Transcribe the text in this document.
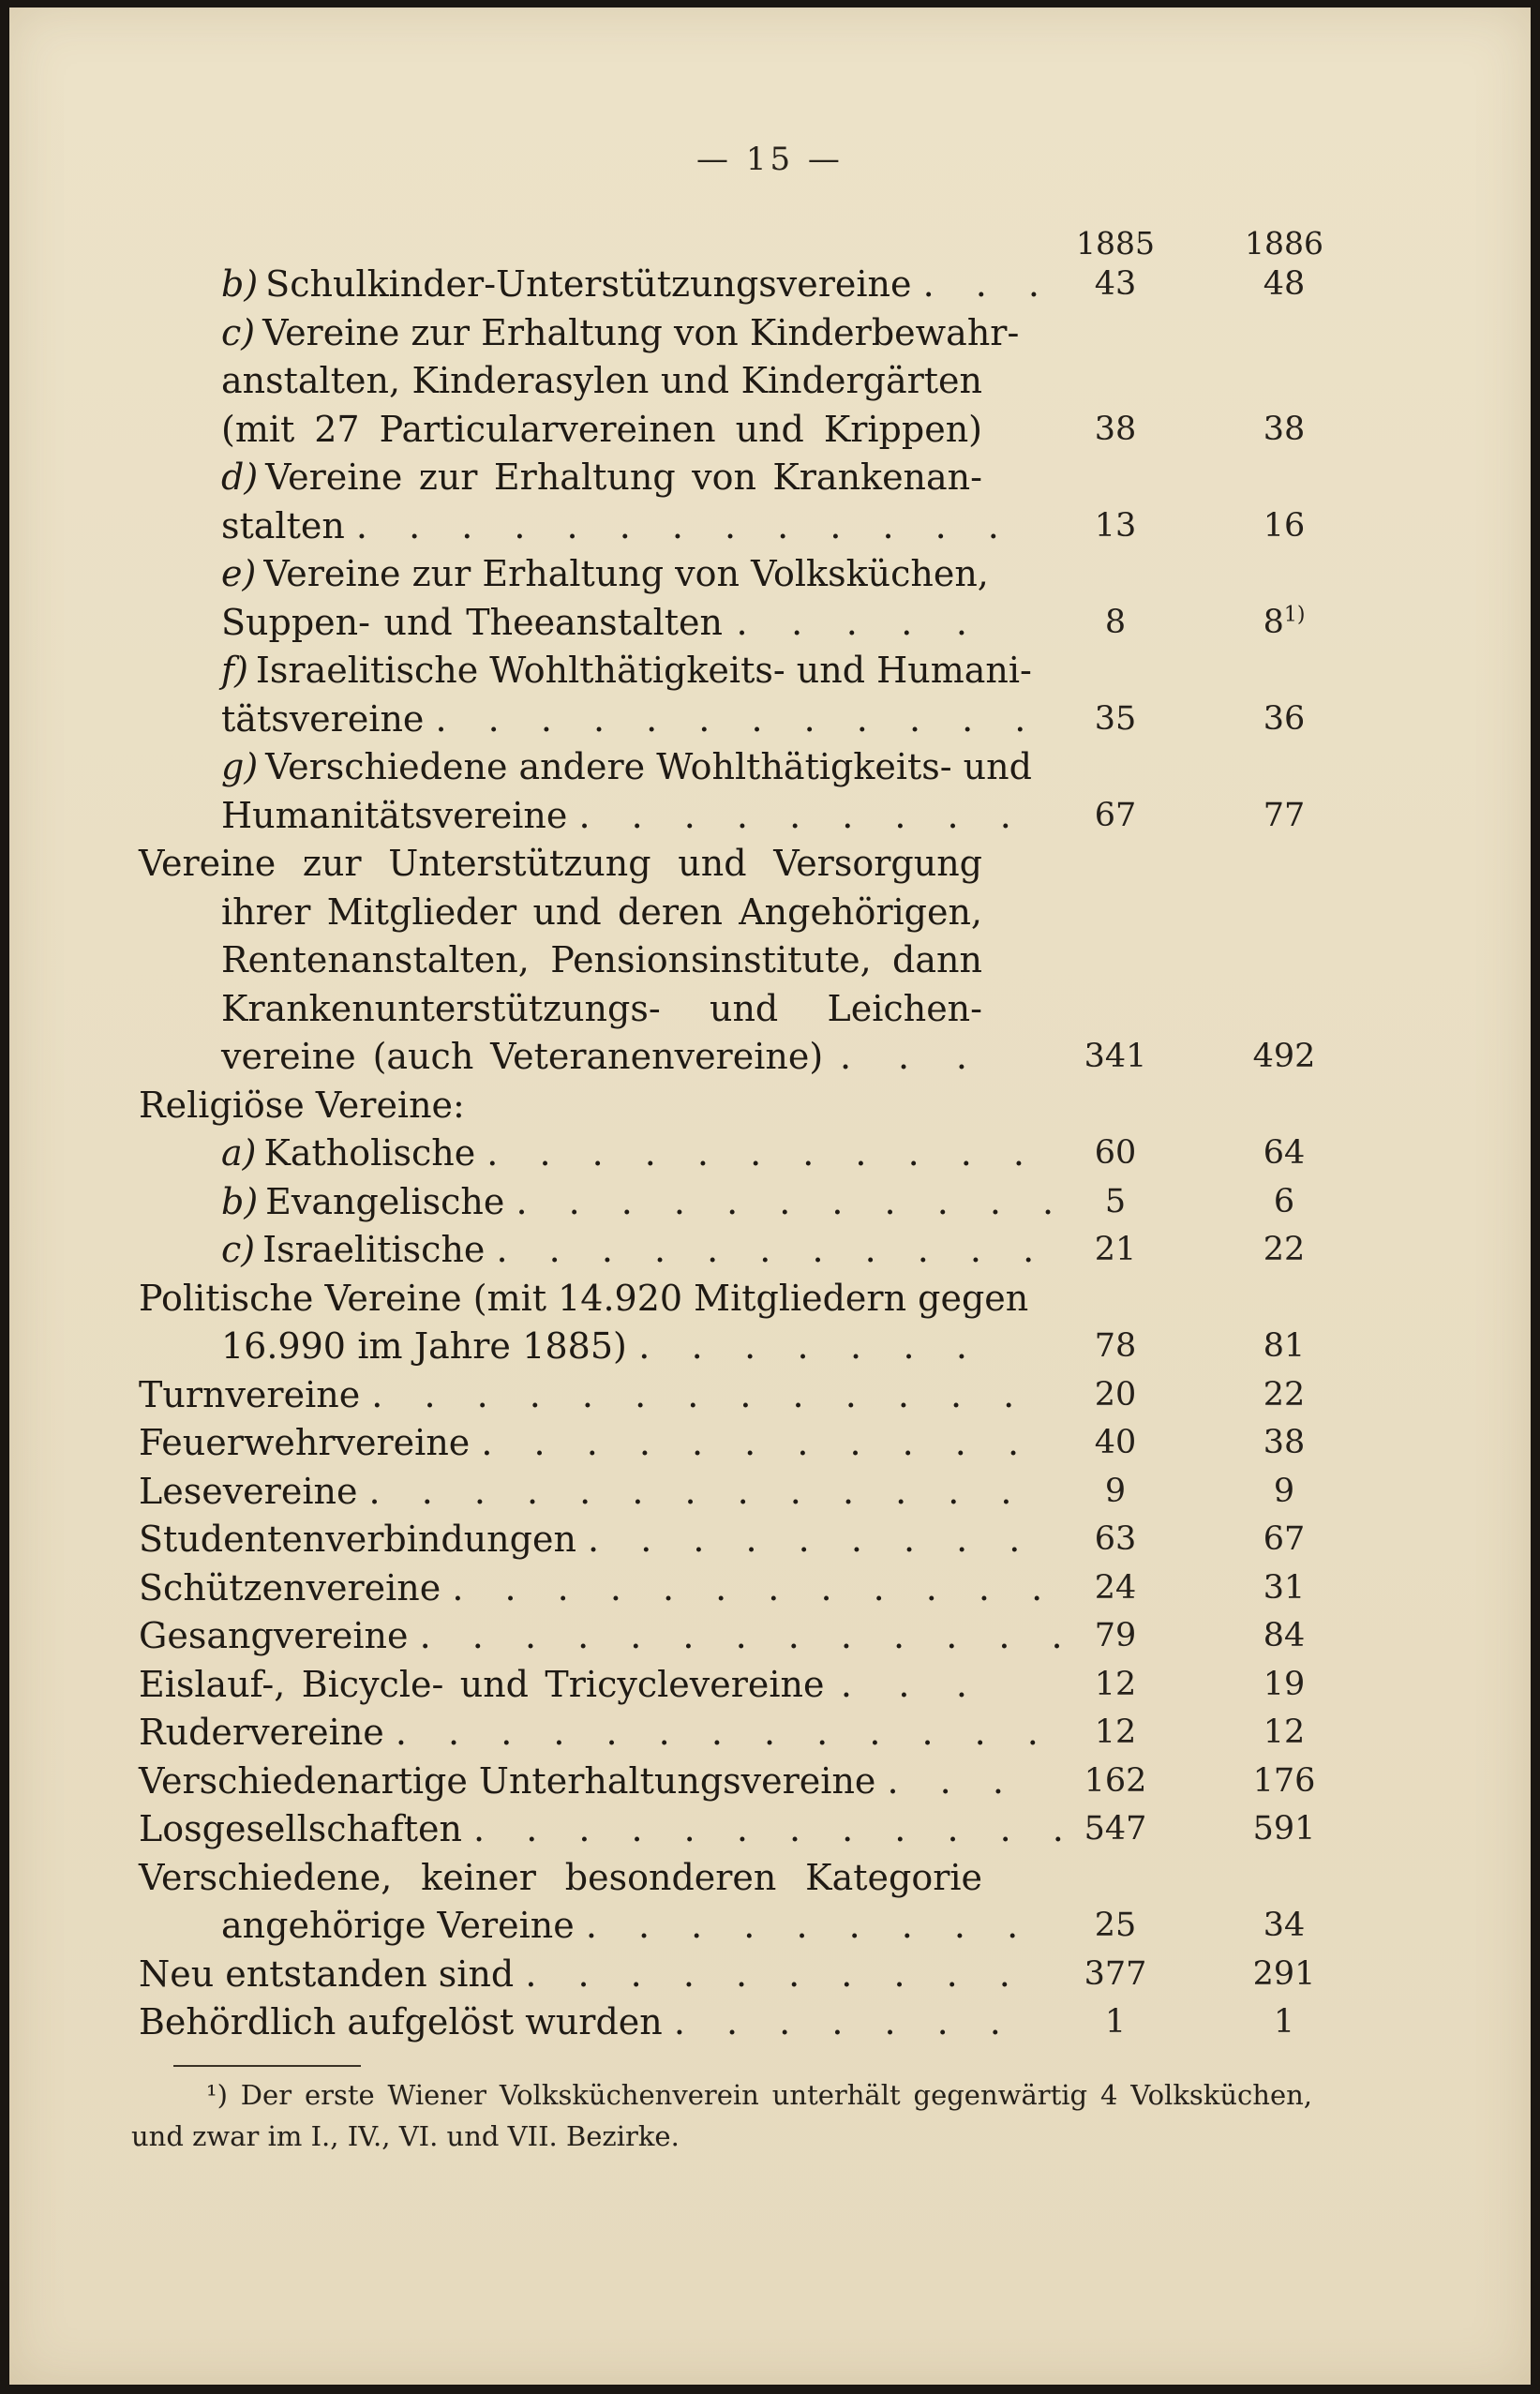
— 15 —
1885	1886
b) Schulkinder-Unterstützungsvereine . . .	43	48
c) Vereine zur Erhaltung von Kinderbewahr-
anstalten, Kinderasylen und Kindergärten
(mit 27 Particularvereinen und Krippen)	38	38
d) Vereine zur Erhaltung von Krankenan-
stalten . . . . . . . . . . . . .	13	16
e) Vereine zur Erhaltung von Volksküchen,
Suppen- und Theeanstalten . . . . .	8	8$^{1)}$
f) Israelitische Wohlthätigkeits- und Humani-
tätsvereine . . . . . . . . . . . .	35	36
g) Verschiedene andere Wohlthätigkeits- und
Humanitätsvereine . . . . . . . . .	67	77
Vereine zur Unterstützung und Versorgung
ihrer Mitglieder und deren Angehörigen,
Rentenanstalten, Pensionsinstitute, dann
Krankenunterstützungs- und Leichen-
vereine (auch Veteranenvereine) . . .	341	492
Religiöse Vereine:
a) Katholische . . . . . . . . . . .	60	64
b) Evangelische . . . . . . . . . . .	5	6
c) Israelitische . . . . . . . . . . .	21	22
Politische Vereine (mit 14.920 Mitgliedern gegen
16.990 im Jahre 1885) . . . . . . .	78	81
Turnvereine . . . . . . . . . . . . .	20	22
Feuerwehrvereine . . . . . . . . . . .	40	38
Lesevereine . . . . . . . . . . . . .	9	9
Studentenverbindungen . . . . . . . . .	63	67
Schützenvereine . . . . . . . . . . . .	24	31
Gesangvereine . . . . . . . . . . . . . 79	84
Eislauf-, Bicycle- und Tricyclevereine . . .	12	19
Rudervereine . . . . . . . . . . . . .	12	12
Verschiedenartige Unterhaltungsvereine . . .	162	176
Losgesellschaften . . . . . . . . . . . . 547	591
Verschiedene, keiner besonderen Kategorie
angehörige Vereine . . . . . . . . .	25	34
Neu entstanden sind . . . . . . . . . .	377	291
Behördlich aufgelöst wurden . . . . . . .	1	1
¹) Der erste Wiener Volksküchenverein unterhält gegenwärtig 4 Volksküchen, und zwar im I., IV., VI. und VII. Bezirke.
